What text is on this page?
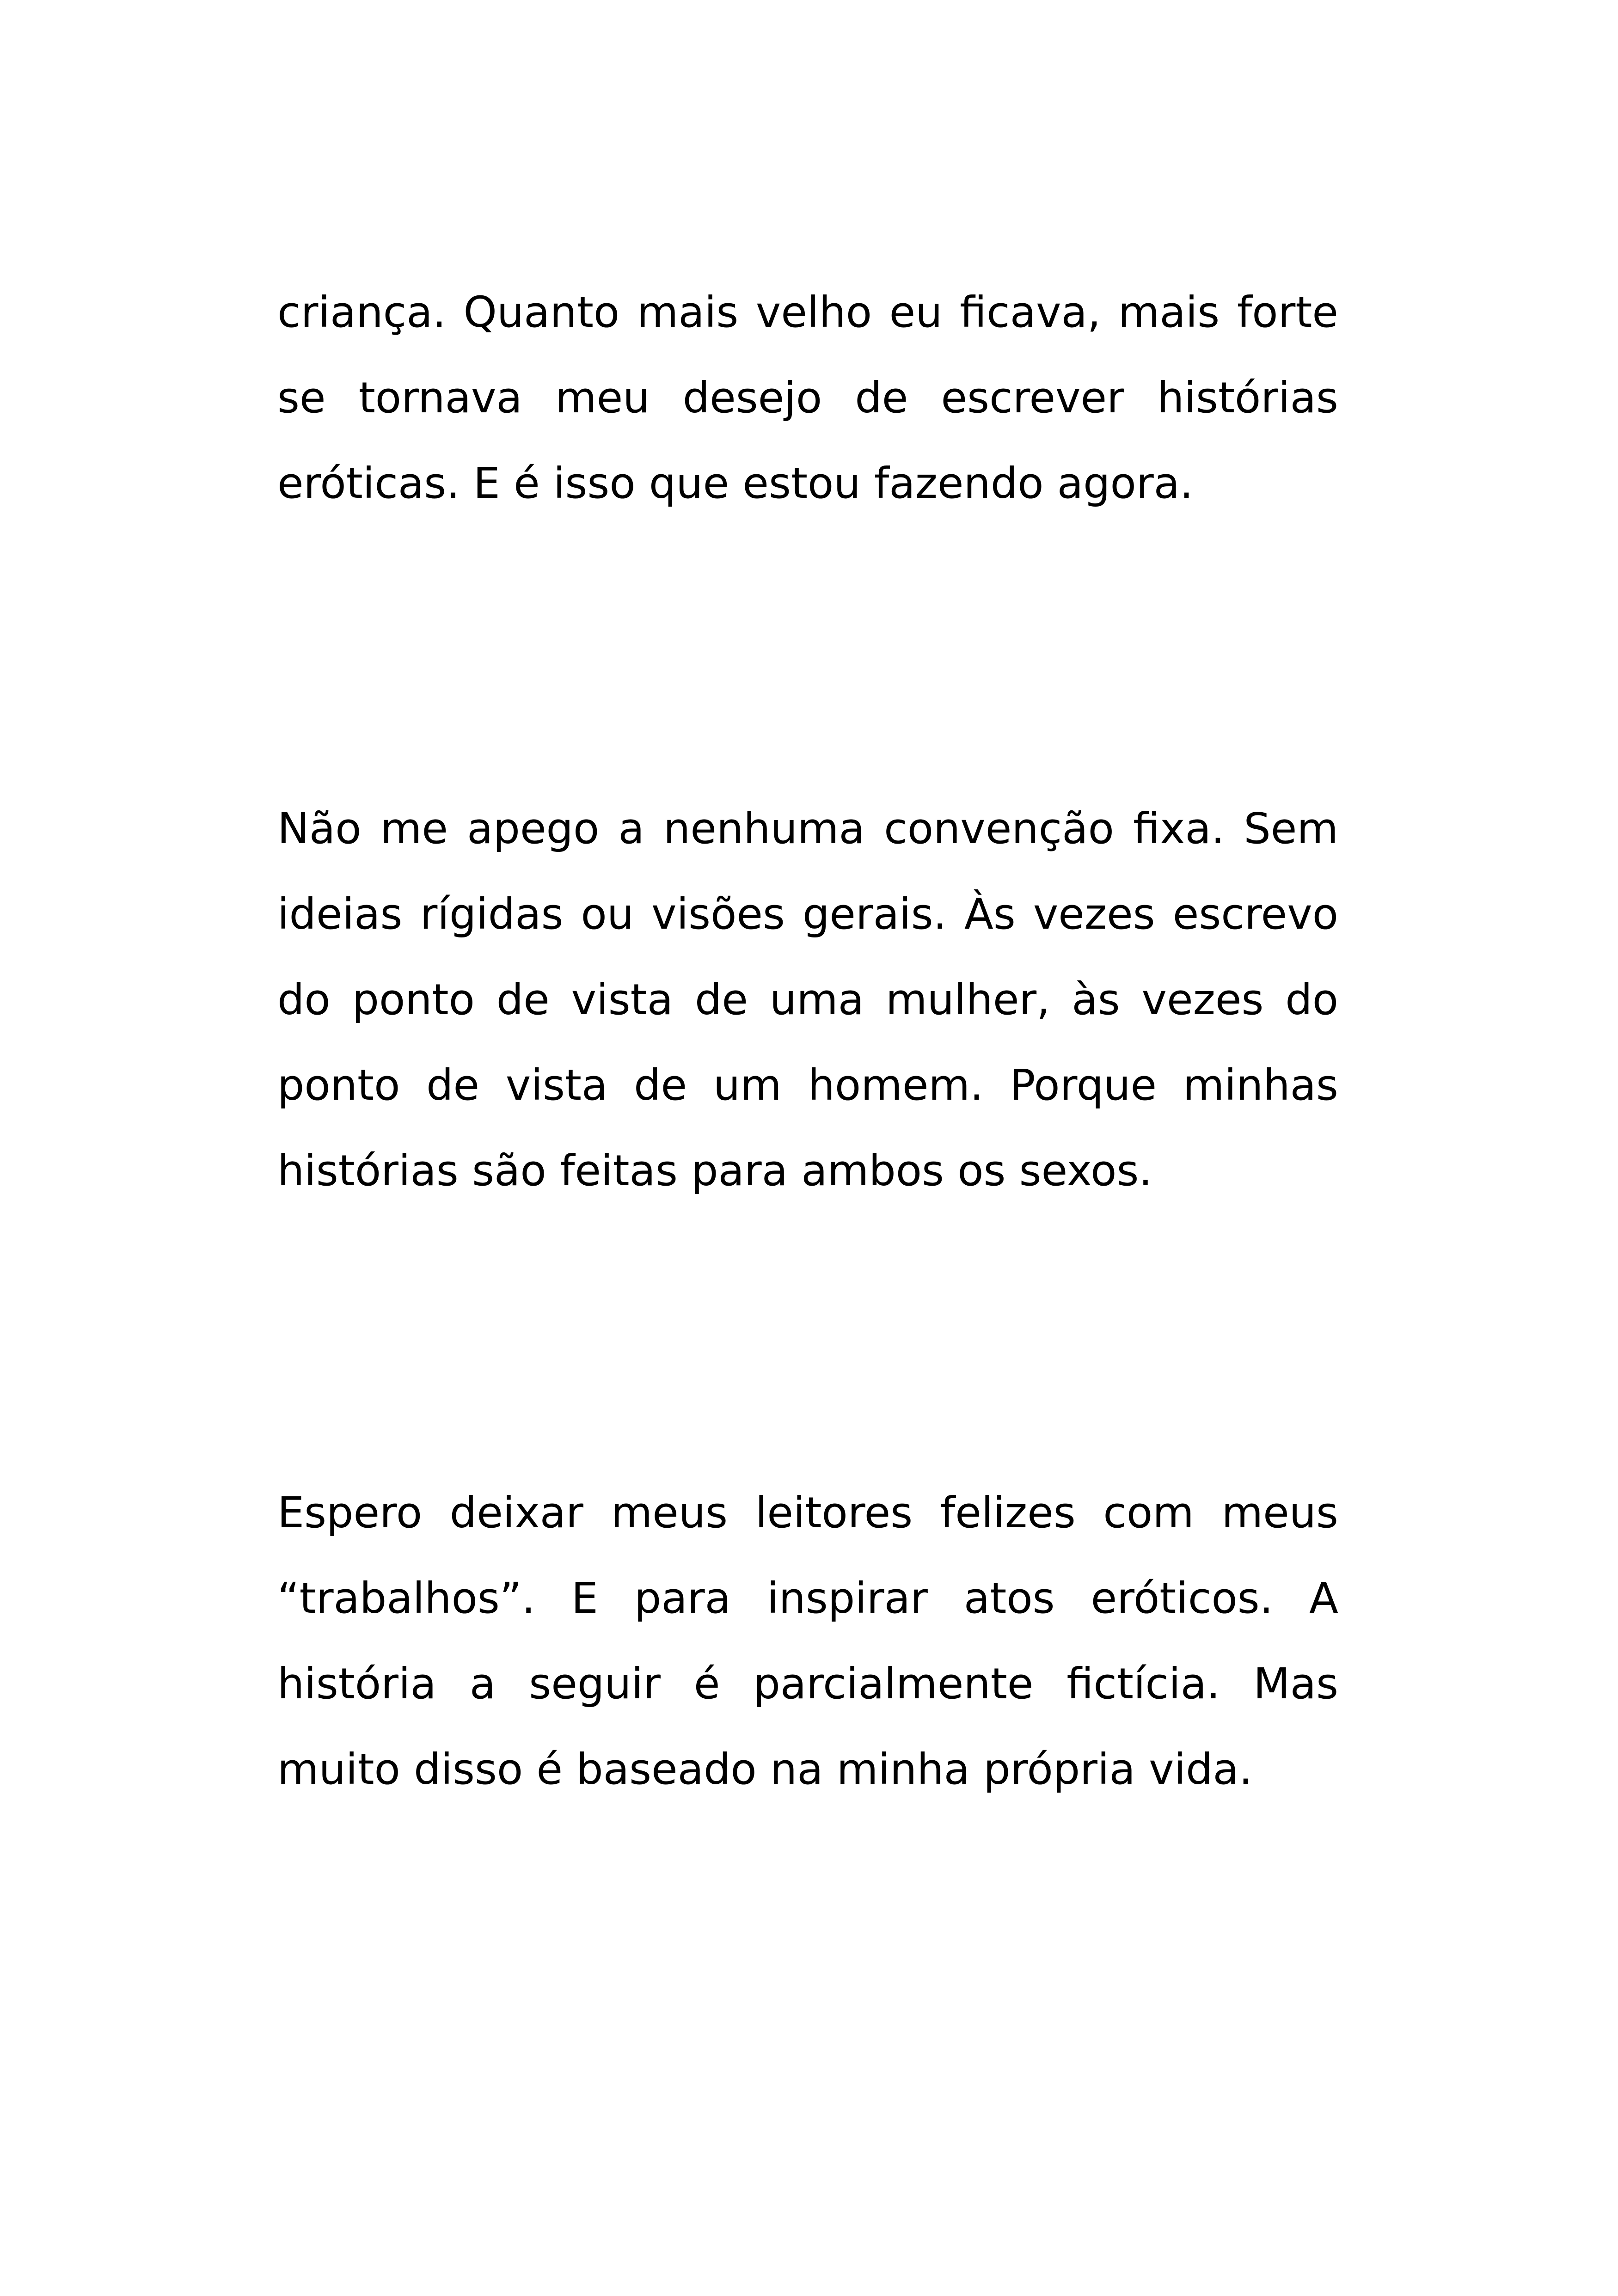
criança. Quanto mais velho eu ficava, mais forte se tornava meu desejo de escrever histórias eróticas. E é isso que estou fazendo agora.

Não me apego a nenhuma convenção fixa. Sem ideias rígidas ou visões gerais. Às vezes escrevo do ponto de vista de uma mulher, às vezes do ponto de vista de um homem. Porque minhas histórias são feitas para ambos os sexos.

Espero deixar meus leitores felizes com meus “trabalhos”. E para inspirar atos eróticos. A história a seguir é parcialmente fictícia. Mas muito disso é baseado na minha própria vida.
